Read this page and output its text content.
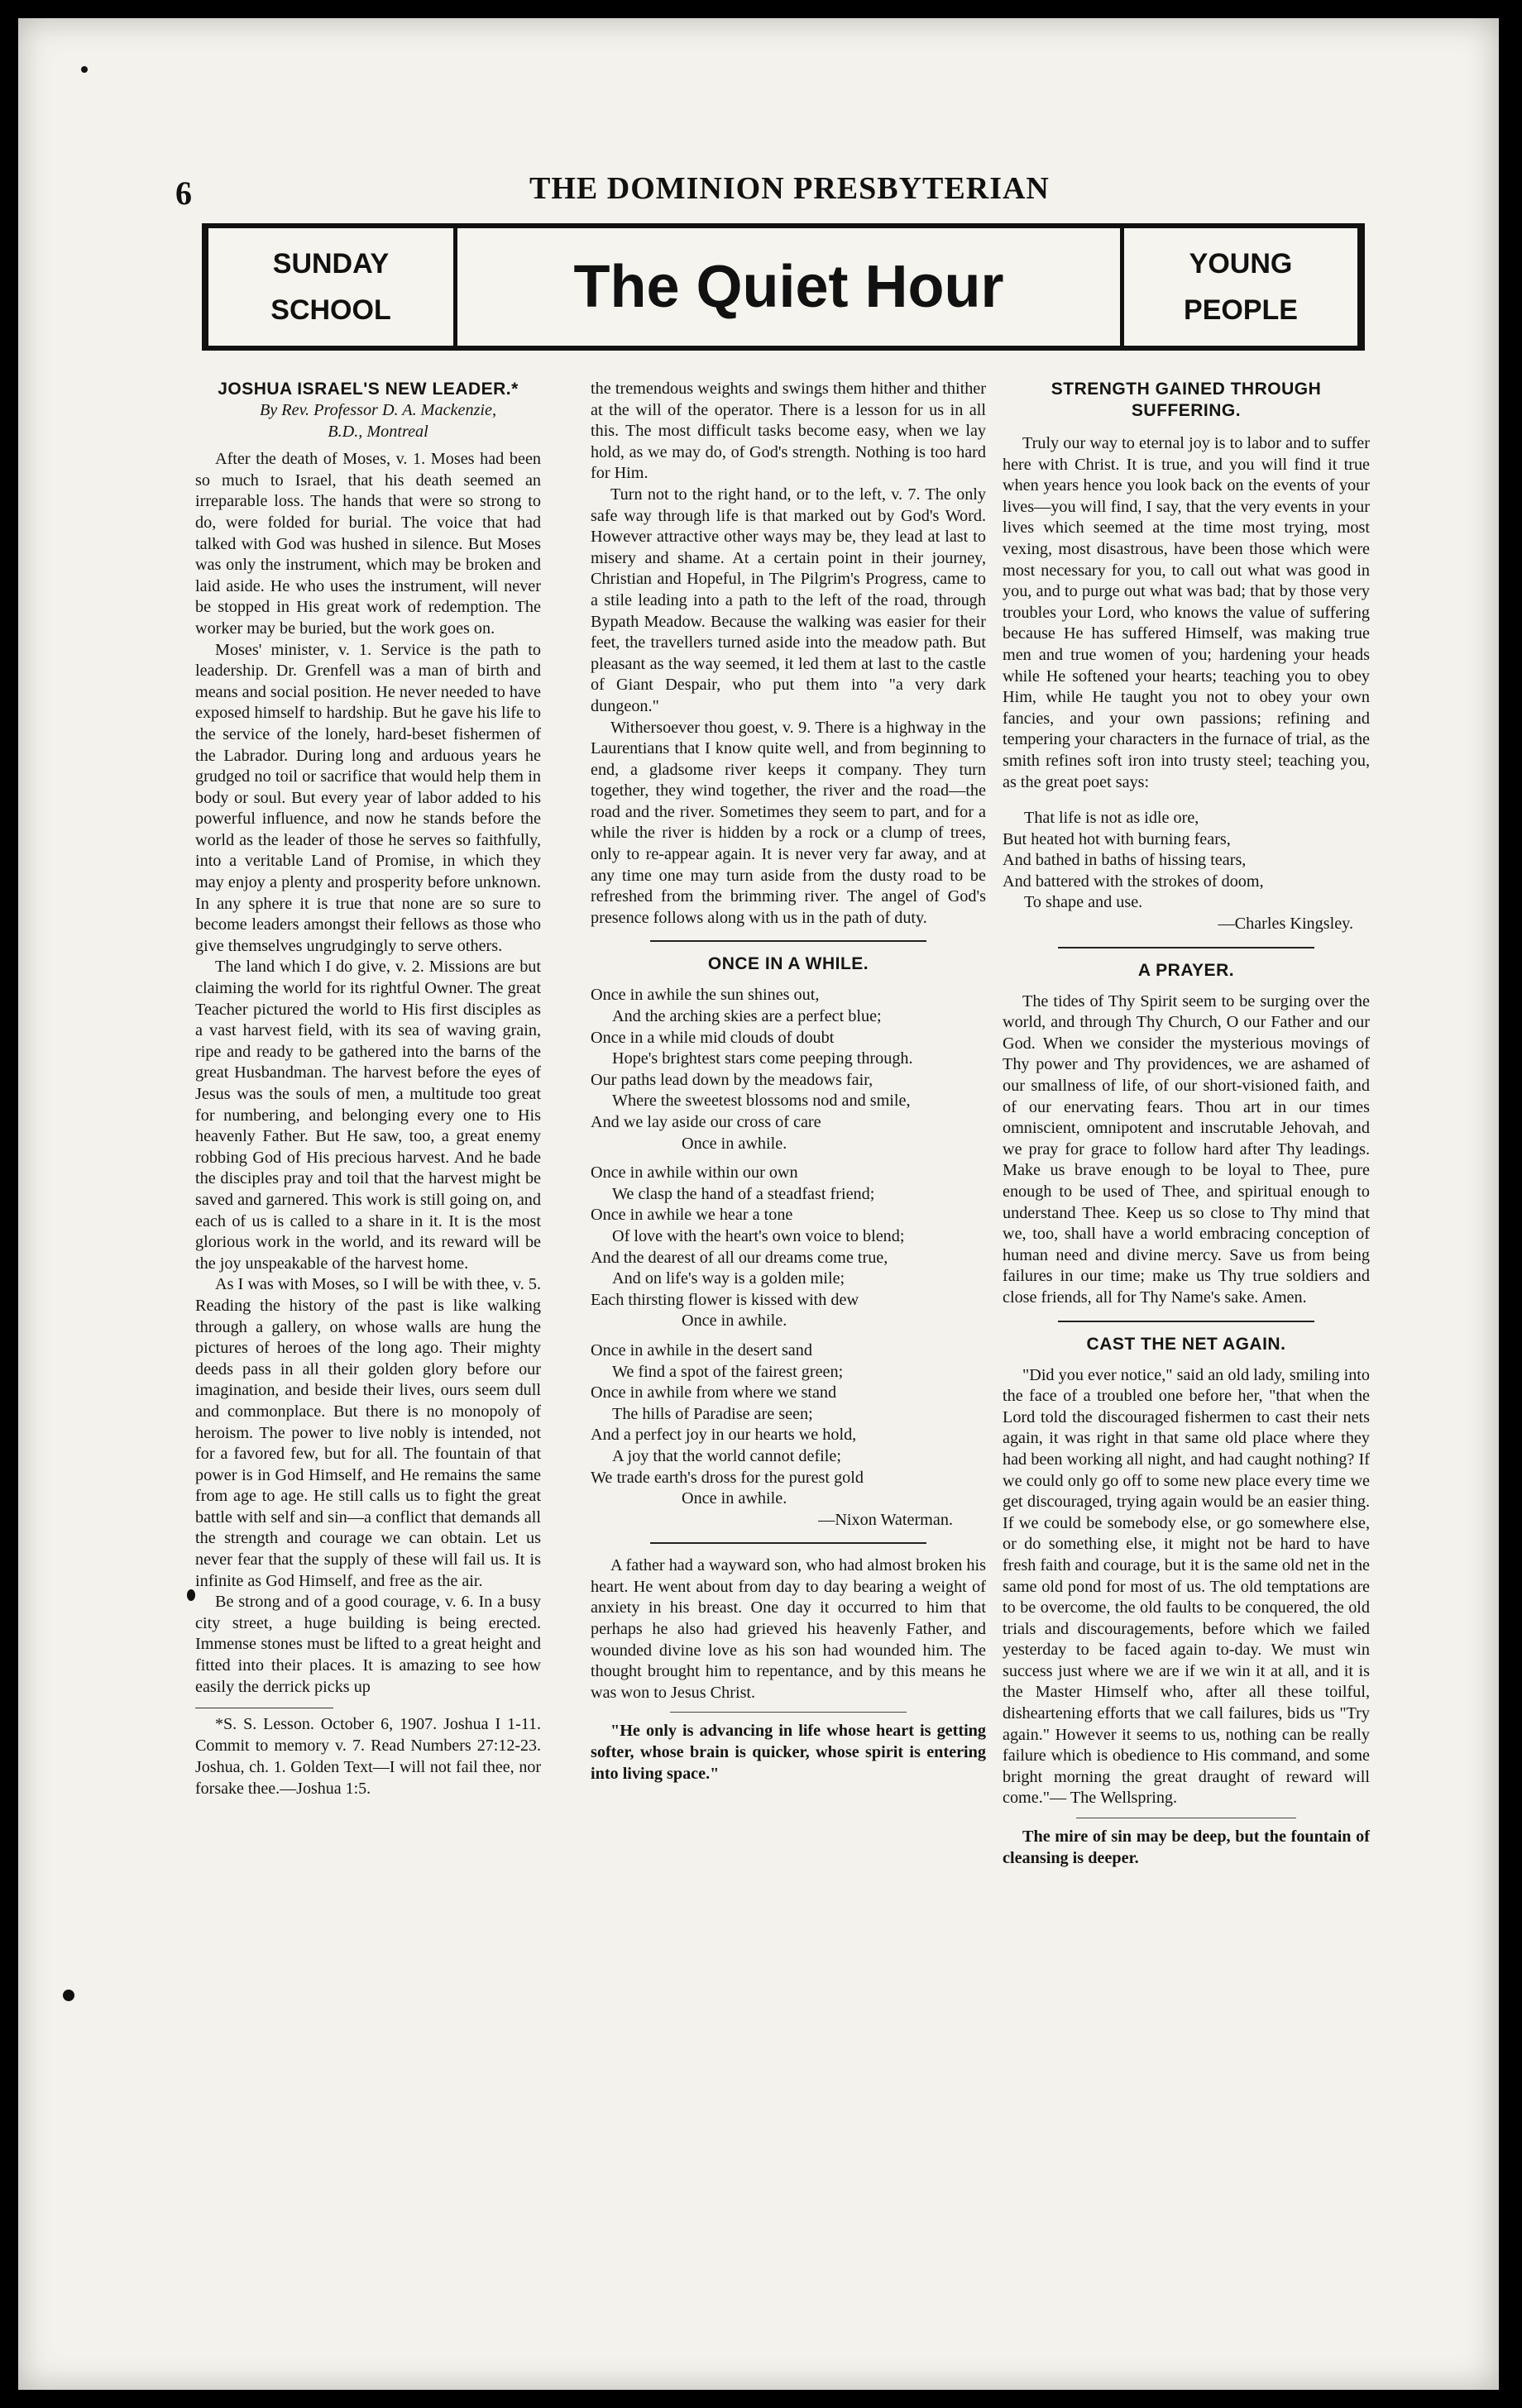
6	THE DOMINION PRESBYTERIAN
SUNDAY
SCHOOL	The Quiet Hour	YOUNG
PEOPLE
JOSHUA ISRAEL'S NEW LEADER.*

By Rev. Professor D. A. Mackenzie,

B.D., Montreal

After the death of Moses, v. 1. Moses had been so much to Israel, that his death seemed an irreparable loss. The hands that were so strong to do, were folded for burial. The voice that had talked with God was hushed in silence. But Moses was only the instrument, which may be broken and laid aside. He who uses the instrument, will never be stopped in His great work of redemption. The worker may be buried, but the work goes on.

Moses' minister, v. 1. Service is the path to leadership. Dr. Grenfell was a man of birth and means and social position. He never needed to have exposed himself to hardship. But he gave his life to the service of the lonely, hard-beset fishermen of the Labrador. During long and arduous years he grudged no toil or sacrifice that would help them in body or soul. But every year of labor added to his powerful influence, and now he stands before the world as the leader of those he serves so faithfully, into a veritable Land of Promise, in which they may enjoy a plenty and prosperity before unknown. In any sphere it is true that none are so sure to become leaders amongst their fellows as those who give themselves ungrudgingly to serve others.

The land which I do give, v. 2. Missions are but claiming the world for its rightful Owner. The great Teacher pictured the world to His first disciples as a vast harvest field, with its sea of waving grain, ripe and ready to be gathered into the barns of the great Husbandman. The harvest before the eyes of Jesus was the souls of men, a multitude too great for numbering, and belonging every one to His heavenly Father. But He saw, too, a great enemy robbing God of His precious harvest. And he bade the disciples pray and toil that the harvest might be saved and garnered. This work is still going on, and each of us is called to a share in it. It is the most glorious work in the world, and its reward will be the joy unspeakable of the harvest home.

As I was with Moses, so I will be with thee, v. 5. Reading the history of the past is like walking through a gallery, on whose walls are hung the pictures of heroes of the long ago. Their mighty deeds pass in all their golden glory before our imagination, and beside their lives, ours seem dull and commonplace. But there is no monopoly of heroism. The power to live nobly is intended, not for a favored few, but for all. The fountain of that power is in God Himself, and He remains the same from age to age. He still calls us to fight the great battle with self and sin—a conflict that demands all the strength and courage we can obtain. Let us never fear that the supply of these will fail us. It is infinite as God Himself, and free as the air.

Be strong and of a good courage, v. 6. In a busy city street, a huge building is being erected. Immense stones must be lifted to a great height and fitted into their places. It is amazing to see how easily the derrick picks up

*S. S. Lesson. October 6, 1907. Joshua I 1-11. Commit to memory v. 7. Read Numbers 27:12-23. Joshua, ch. 1. Golden Text—I will not fail thee, nor forsake thee.—Joshua 1:5.

the tremendous weights and swings them hither and thither at the will of the operator. There is a lesson for us in all this. The most difficult tasks become easy, when we lay hold, as we may do, of God's strength. Nothing is too hard for Him.

Turn not to the right hand, or to the left, v. 7. The only safe way through life is that marked out by God's Word. However attractive other ways may be, they lead at last to misery and shame. At a certain point in their journey, Christian and Hopeful, in The Pilgrim's Progress, came to a stile leading into a path to the left of the road, through Bypath Meadow. Because the walking was easier for their feet, the travellers turned aside into the meadow path. But pleasant as the way seemed, it led them at last to the castle of Giant Despair, who put them into "a very dark dungeon."

Withersoever thou goest, v. 9. There is a highway in the Laurentians that I know quite well, and from beginning to end, a gladsome river keeps it company. They turn together, they wind together, the river and the road—the road and the river. Sometimes they seem to part, and for a while the river is hidden by a rock or a clump of trees, only to re-appear again. It is never very far away, and at any time one may turn aside from the dusty road to be refreshed from the brimming river. The angel of God's presence follows along with us in the path of duty.

ONCE IN A WHILE.
Once in awhile the sun shines out,
And the arching skies are a perfect blue;
Once in a while mid clouds of doubt
Hope's brightest stars come peeping through.
Our paths lead down by the meadows fair,
Where the sweetest blossoms nod and smile,
And we lay aside our cross of care
Once in awhile.
Once in awhile within our own
We clasp the hand of a steadfast friend;
Once in awhile we hear a tone
Of love with the heart's own voice to blend;
And the dearest of all our dreams come true,
And on life's way is a golden mile;
Each thirsting flower is kissed with dew
Once in awhile.
Once in awhile in the desert sand
We find a spot of the fairest green;
Once in awhile from where we stand
The hills of Paradise are seen;
And a perfect joy in our hearts we hold,
A joy that the world cannot defile;
We trade earth's dross for the purest gold
Once in awhile.

—Nixon Waterman.

A father had a wayward son, who had almost broken his heart. He went about from day to day bearing a weight of anxiety in his breast. One day it occurred to him that perhaps he also had grieved his heavenly Father, and wounded divine love as his son had wounded him. The thought brought him to repentance, and by this means he was won to Jesus Christ.

"He only is advancing in life whose heart is getting softer, whose brain is quicker, whose spirit is entering into living space."

STRENGTH GAINED THROUGH SUFFERING.

Truly our way to eternal joy is to labor and to suffer here with Christ. It is true, and you will find it true when years hence you look back on the events of your lives—you will find, I say, that the very events in your lives which seemed at the time most trying, most vexing, most disastrous, have been those which were most necessary for you, to call out what was good in you, and to purge out what was bad; that by those very troubles your Lord, who knows the value of suffering because He has suffered Himself, was making true men and true women of you; hardening your heads while He softened your hearts; teaching you to obey Him, while He taught you not to obey your own fancies, and your own passions; refining and tempering your characters in the furnace of trial, as the smith refines soft iron into trusty steel; teaching you, as the great poet says:

That life is not as idle ore,
But heated hot with burning fears,
And bathed in baths of hissing tears,
And battered with the strokes of doom,
To shape and use.

—Charles Kingsley.

A PRAYER.

The tides of Thy Spirit seem to be surging over the world, and through Thy Church, O our Father and our God. When we consider the mysterious movings of Thy power and Thy providences, we are ashamed of our smallness of life, of our short-visioned faith, and of our enervating fears. Thou art in our times omniscient, omnipotent and inscrutable Jehovah, and we pray for grace to follow hard after Thy leadings. Make us brave enough to be loyal to Thee, pure enough to be used of Thee, and spiritual enough to understand Thee. Keep us so close to Thy mind that we, too, shall have a world embracing conception of human need and divine mercy. Save us from being failures in our time; make us Thy true soldiers and close friends, all for Thy Name's sake. Amen.

CAST THE NET AGAIN.

"Did you ever notice," said an old lady, smiling into the face of a troubled one before her, "that when the Lord told the discouraged fishermen to cast their nets again, it was right in that same old place where they had been working all night, and had caught nothing? If we could only go off to some new place every time we get discouraged, trying again would be an easier thing. If we could be somebody else, or go somewhere else, or do something else, it might not be hard to have fresh faith and courage, but it is the same old net in the same old pond for most of us. The old temptations are to be overcome, the old faults to be conquered, the old trials and discouragements, before which we failed yesterday to be faced again to-day. We must win success just where we are if we win it at all, and it is the Master Himself who, after all these toilful, disheartening efforts that we call failures, bids us "Try again." However it seems to us, nothing can be really failure which is obedience to His command, and some bright morning the great draught of reward will come."— The Wellspring.

The mire of sin may be deep, but the fountain of cleansing is deeper.
